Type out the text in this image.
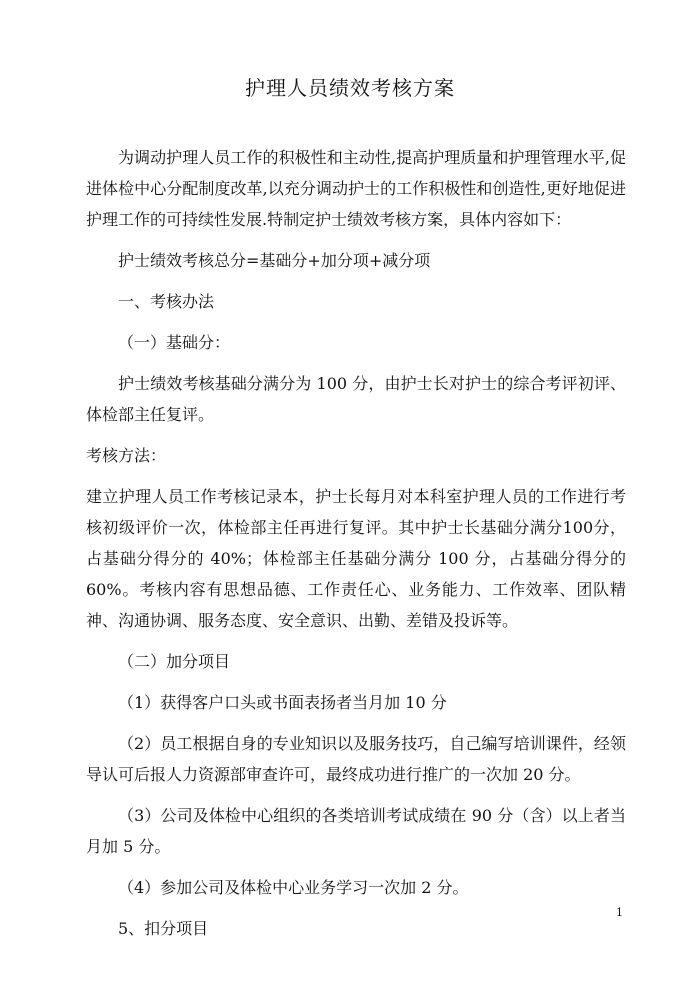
护理人员绩效考核方案

为调动护理人员工作的积极性和主动性,提高护理质量和护理管理水平,促进体检中心分配制度改革,以充分调动护士的工作积极性和创造性,更好地促进护理工作的可持续性发展.特制定护士绩效考核方案，具体内容如下：

护士绩效考核总分=基础分+加分项+减分项

一、考核办法

（一）基础分：

护士绩效考核基础分满分为 100 分，由护士长对护士的综合考评初评、体检部主任复评。

考核方法：

建立护理人员工作考核记录本，护士长每月对本科室护理人员的工作进行考核初级评价一次，体检部主任再进行复评。其中护士长基础分满分100分，占基础分得分的 40%；体检部主任基础分满分 100 分，占基础分得分的 60%。考核内容有思想品德、工作责任心、业务能力、工作效率、团队精神、沟通协调、服务态度、安全意识、出勤、差错及投诉等。

（二）加分项目

（1）获得客户口头或书面表扬者当月加 10 分

（2）员工根据自身的专业知识以及服务技巧，自己编写培训课件，经领导认可后报人力资源部审查许可，最终成功进行推广的一次加 20 分。

（3）公司及体检中心组织的各类培训考试成绩在 90 分（含）以上者当月加 5 分。

（4）参加公司及体检中心业务学习一次加 2 分。

5、扣分项目

1
